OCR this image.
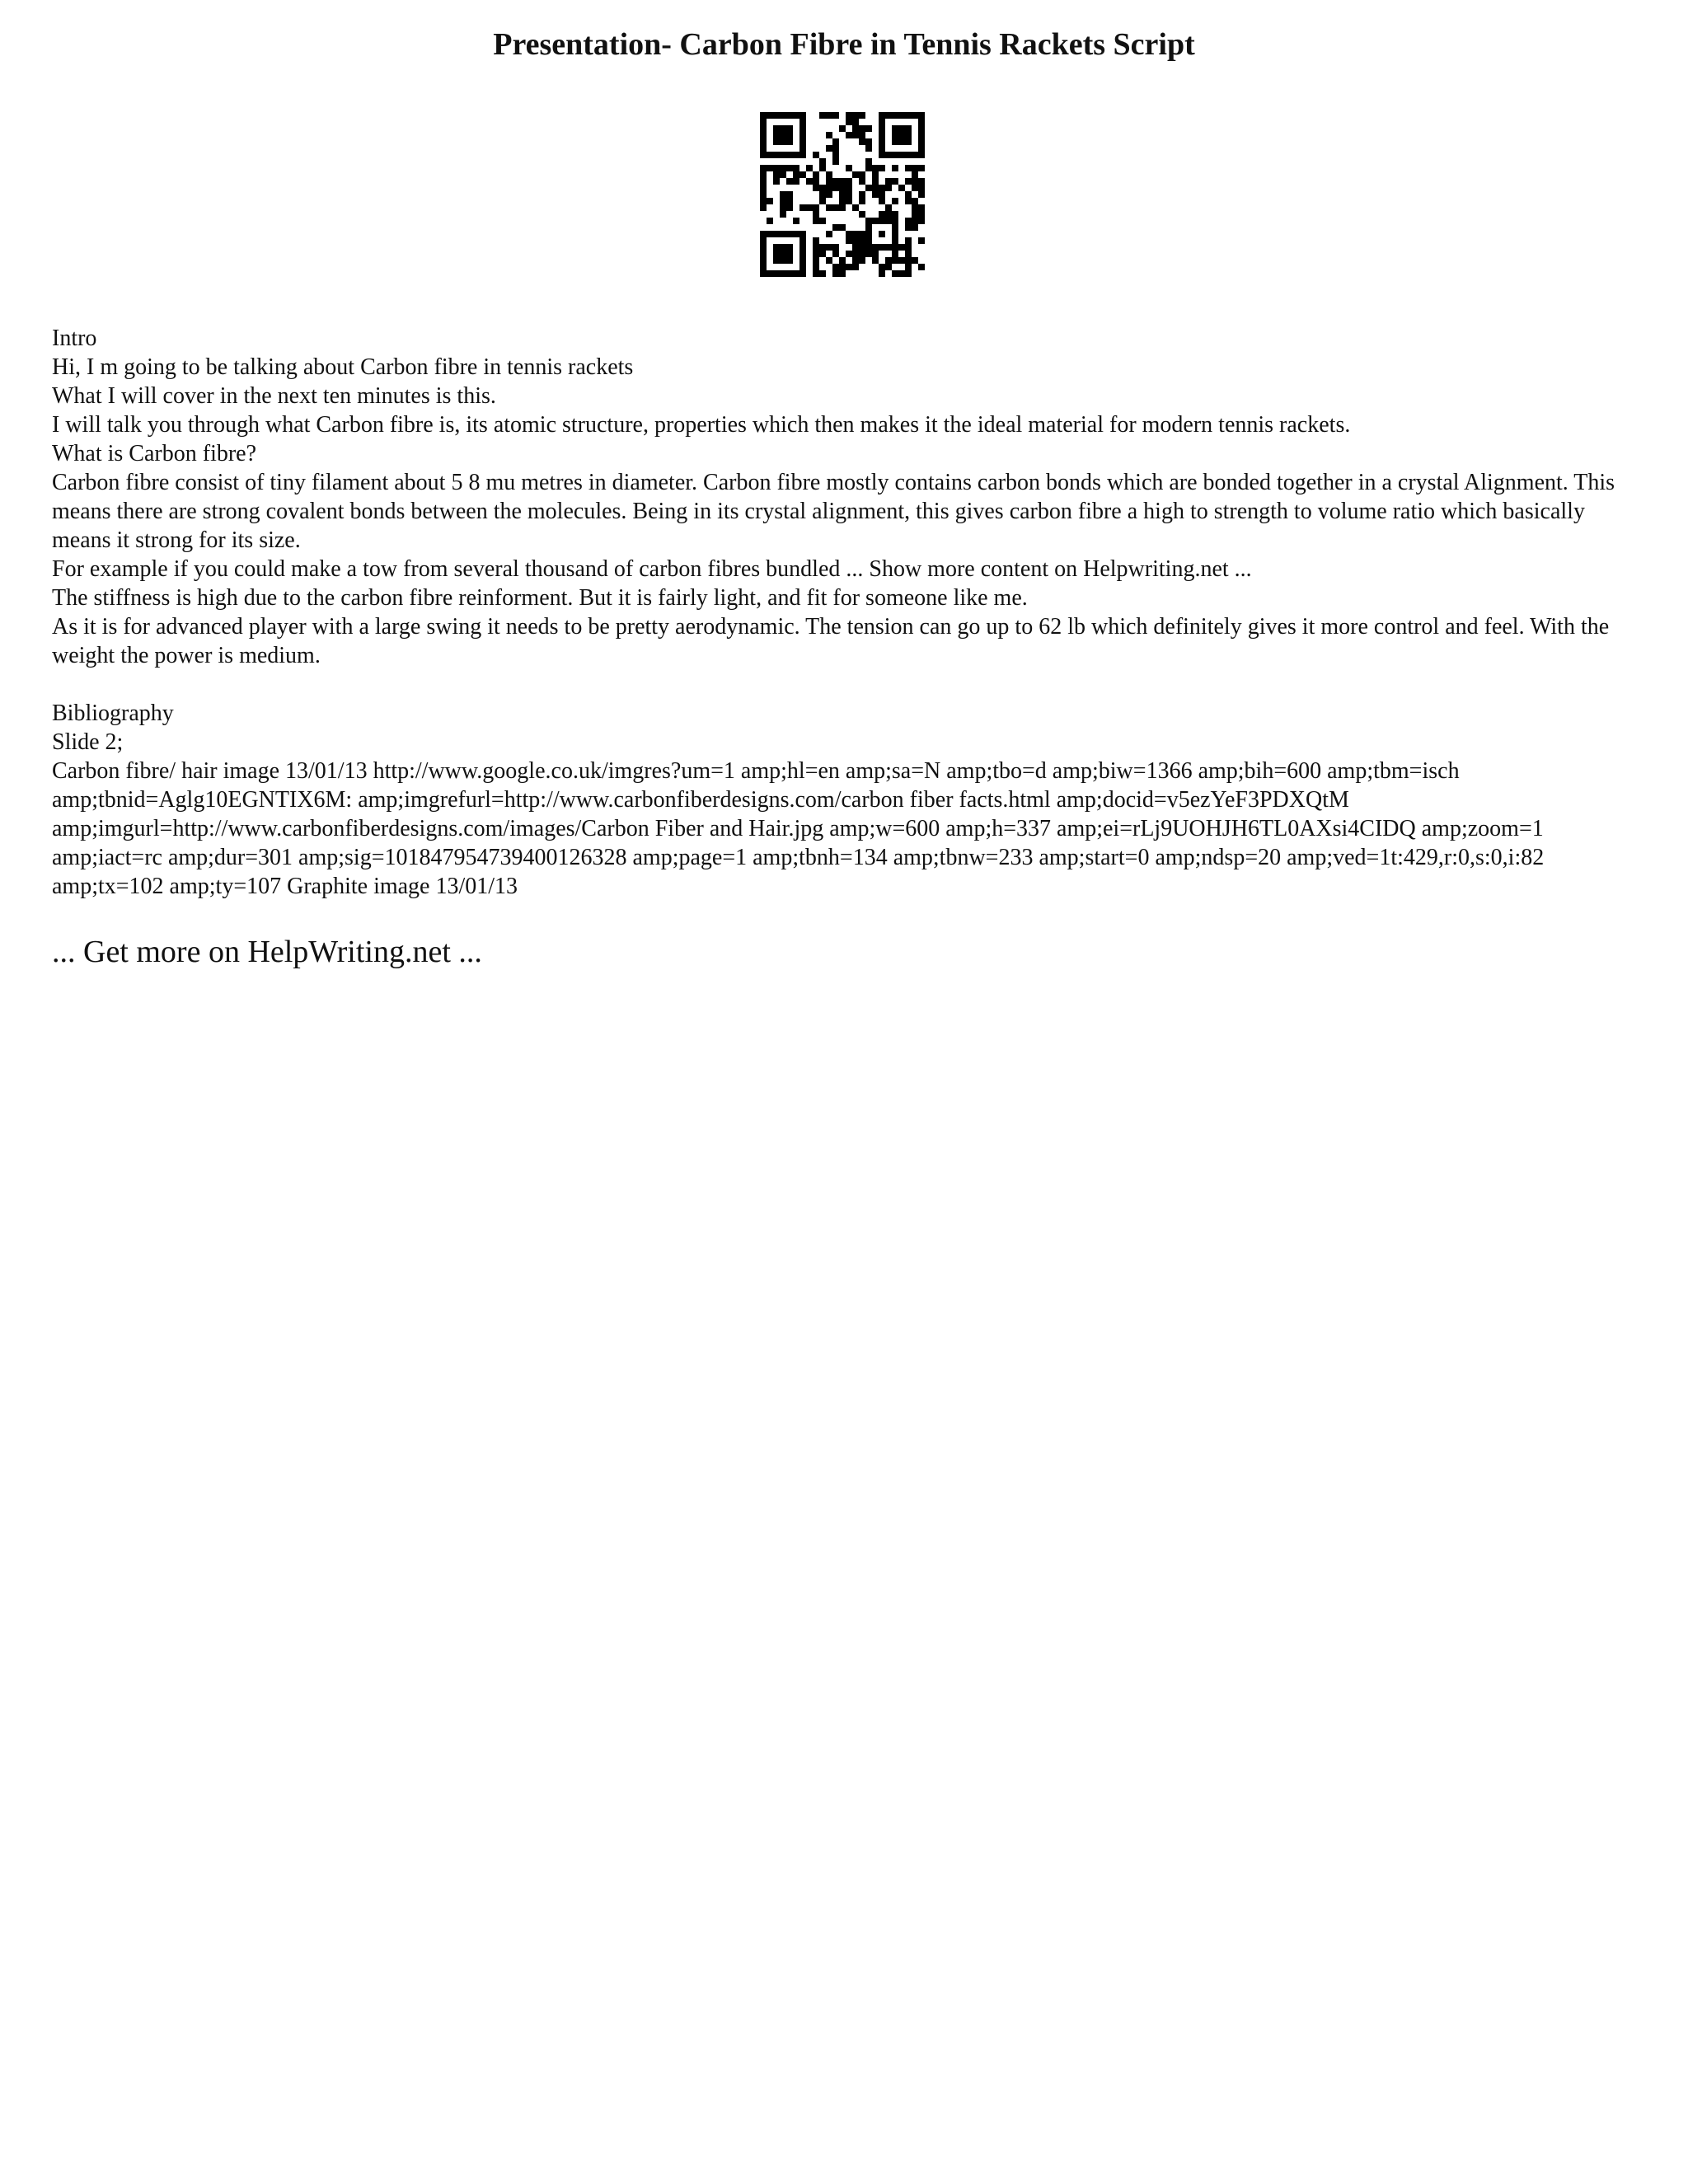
Presentation- Carbon Fibre in Tennis Rackets Script
Intro
Hi, I m going to be talking about Carbon fibre in tennis rackets
What I will cover in the next ten minutes is this.
I will talk you through what Carbon fibre is, its atomic structure, properties which then makes it the ideal material for modern tennis rackets.
What is Carbon fibre?
Carbon fibre consist of tiny filament about 5 8 mu metres in diameter. Carbon fibre mostly contains carbon bonds which are bonded together in a crystal Alignment. This means there are strong covalent bonds between the molecules. Being in its crystal alignment, this gives carbon fibre a high to strength to volume ratio which basically means it strong for its size.
For example if you could make a tow from several thousand of carbon fibres bundled ... Show more content on Helpwriting.net ...
The stiffness is high due to the carbon fibre reinforment. But it is fairly light, and fit for someone like me.
As it is for advanced player with a large swing it needs to be pretty aerodynamic. The tension can go up to 62 lb which definitely gives it more control and feel. With the weight the power is medium.
Bibliography
Slide 2;
Carbon fibre/ hair image 13/01/13 http://www.google.co.uk/imgres?um=1 amp;hl=en amp;sa=N amp;tbo=d amp;biw=1366 amp;bih=600 amp;tbm=isch amp;tbnid=Aglg10EGNTIX6M: amp;imgrefurl=http://www.carbonfiberdesigns.com/carbon fiber facts.html amp;docid=v5ezYeF3PDXQtM amp;imgurl=http://www.carbonfiberdesigns.com/images/Carbon Fiber and Hair.jpg amp;w=600 amp;h=337 amp;ei=rLj9UOHJH6TL0AXsi4CIDQ amp;zoom=1 amp;iact=rc amp;dur=301 amp;sig=101847954739400126328 amp;page=1 amp;tbnh=134 amp;tbnw=233 amp;start=0 amp;ndsp=20 amp;ved=1t:429,r:0,s:0,i:82 amp;tx=102 amp;ty=107 Graphite image 13/01/13

... Get more on HelpWriting.net ...
